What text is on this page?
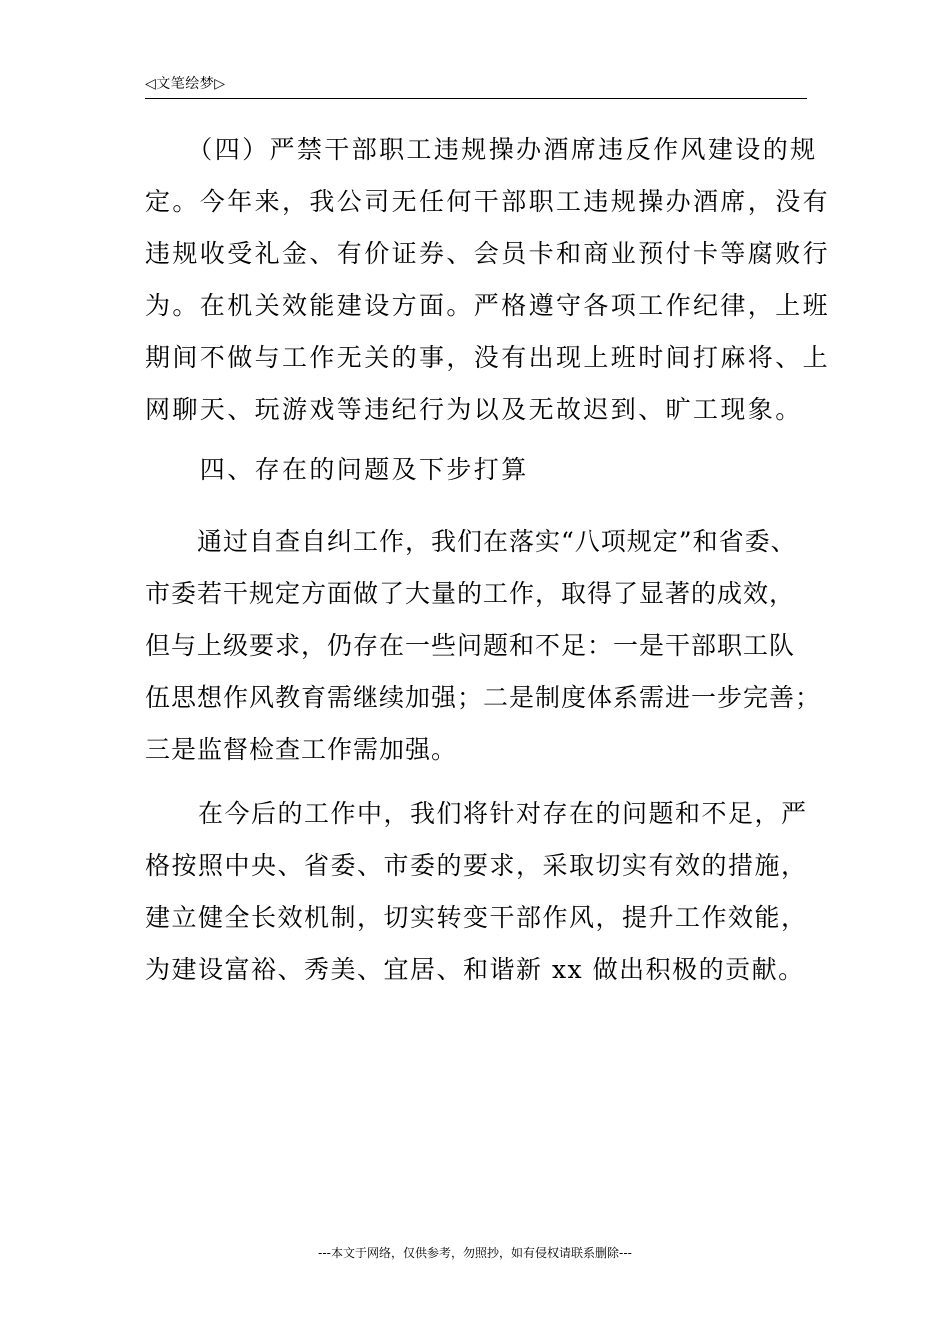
◁文笔绘梦▷
　　（四）严禁干部职工违规操办酒席违反作风建设的规
定。今年来，我公司无任何干部职工违规操办酒席，没有
违规收受礼金、有价证券、会员卡和商业预付卡等腐败行
为。在机关效能建设方面。严格遵守各项工作纪律，上班
期间不做与工作无关的事，没有出现上班时间打麻将、上
网聊天、玩游戏等违纪行为以及无故迟到、旷工现象。
　　四、存在的问题及下步打算
　　通过自查自纠工作，我们在落实“八项规定”和省委、
市委若干规定方面做了大量的工作，取得了显著的成效，
但与上级要求，仍存在一些问题和不足：一是干部职工队
伍思想作风教育需继续加强；二是制度体系需进一步完善；
三是监督检查工作需加强。
　　在今后的工作中，我们将针对存在的问题和不足，严
格按照中央、省委、市委的要求，采取切实有效的措施，
建立健全长效机制，切实转变干部作风，提升工作效能，
为建设富裕、秀美、宜居、和谐新 xx 做出积极的贡献。
---本文于网络，仅供参考，勿照抄，如有侵权请联系删除---
